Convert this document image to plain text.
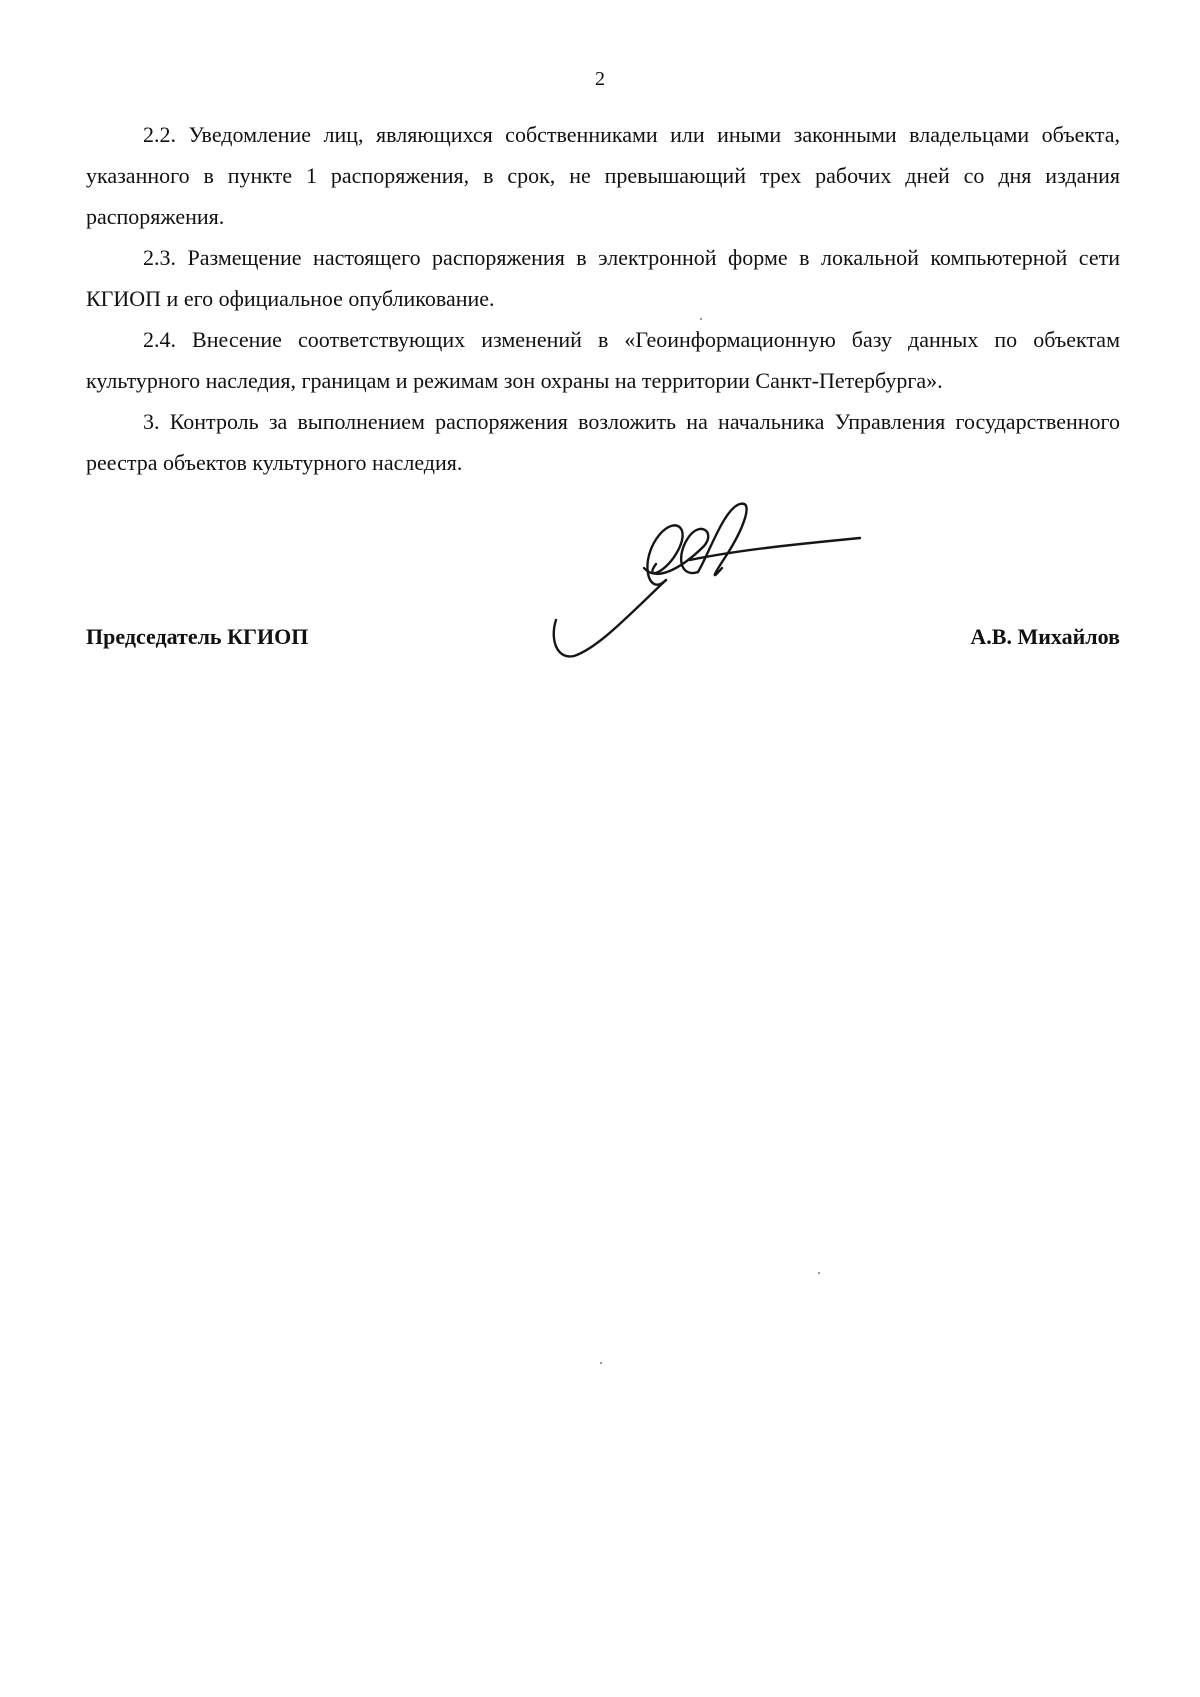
2

2.2. Уведомление лиц, являющихся собственниками или иными законными владельцами объекта, указанного в пункте 1 распоряжения, в срок, не превышающий трех рабочих дней со дня издания распоряжения.

2.3. Размещение настоящего распоряжения в электронной форме в локальной компьютерной сети КГИОП и его официальное опубликование.

2.4. Внесение соответствующих изменений в «Геоинформационную базу данных по объектам культурного наследия, границам и режимам зон охраны на территории Санкт-Петербурга».

3. Контроль за выполнением распоряжения возложить на начальника Управления государственного реестра объектов культурного наследия.

Председатель КГИОП	А.В. Михайлов
